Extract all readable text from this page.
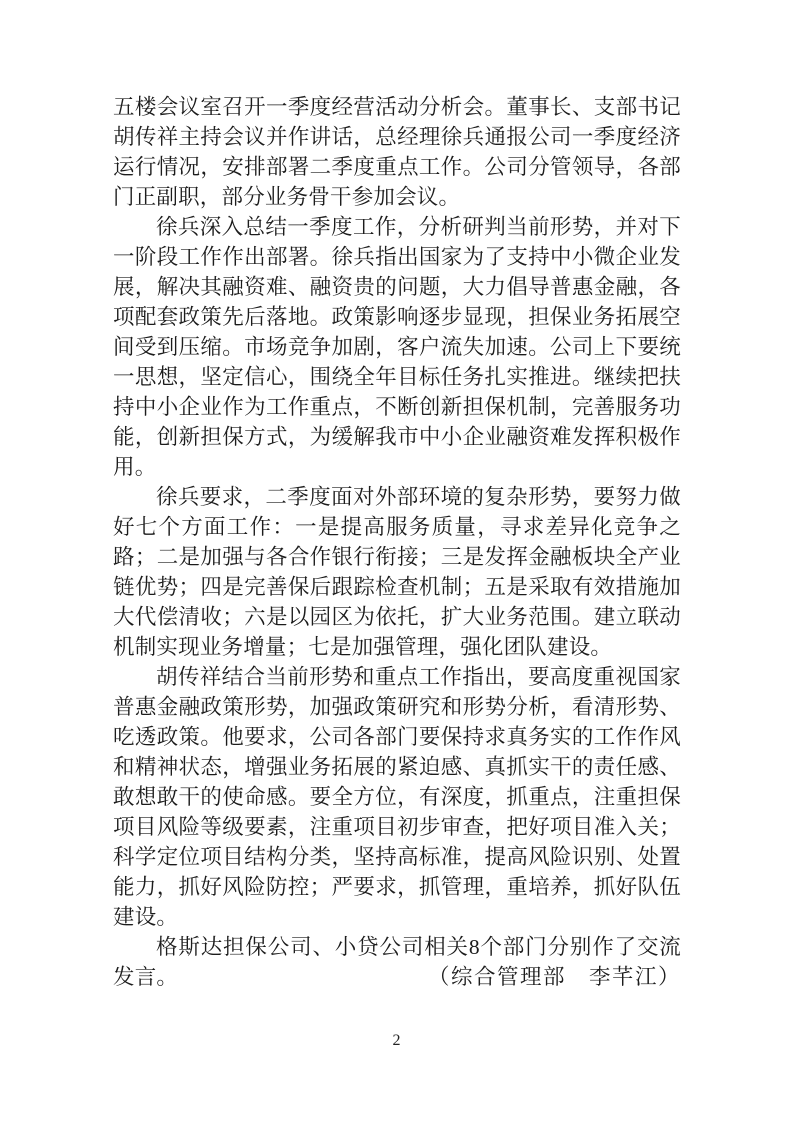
五楼会议室召开一季度经营活动分析会。董事长、支部书记胡传祥主持会议并作讲话，总经理徐兵通报公司一季度经济运行情况，安排部署二季度重点工作。公司分管领导，各部门正副职，部分业务骨干参加会议。

徐兵深入总结一季度工作，分析研判当前形势，并对下一阶段工作作出部署。徐兵指出国家为了支持中小微企业发展，解决其融资难、融资贵的问题，大力倡导普惠金融，各项配套政策先后落地。政策影响逐步显现，担保业务拓展空间受到压缩。市场竞争加剧，客户流失加速。公司上下要统一思想，坚定信心，围绕全年目标任务扎实推进。继续把扶持中小企业作为工作重点，不断创新担保机制，完善服务功能，创新担保方式，为缓解我市中小企业融资难发挥积极作用。

徐兵要求，二季度面对外部环境的复杂形势，要努力做好七个方面工作：一是提高服务质量，寻求差异化竞争之路；二是加强与各合作银行衔接；三是发挥金融板块全产业链优势；四是完善保后跟踪检查机制；五是采取有效措施加大代偿清收；六是以园区为依托，扩大业务范围。建立联动机制实现业务增量；七是加强管理，强化团队建设。

胡传祥结合当前形势和重点工作指出，要高度重视国家普惠金融政策形势，加强政策研究和形势分析，看清形势、吃透政策。他要求，公司各部门要保持求真务实的工作作风和精神状态，增强业务拓展的紧迫感、真抓实干的责任感、敢想敢干的使命感。要全方位，有深度，抓重点，注重担保项目风险等级要素，注重项目初步审查，把好项目准入关；科学定位项目结构分类，坚持高标准，提高风险识别、处置能力，抓好风险防控；严要求，抓管理，重培养，抓好队伍建设。

格斯达担保公司、小贷公司相关8个部门分别作了交流发言。	（综合管理部　李芊江）

2
